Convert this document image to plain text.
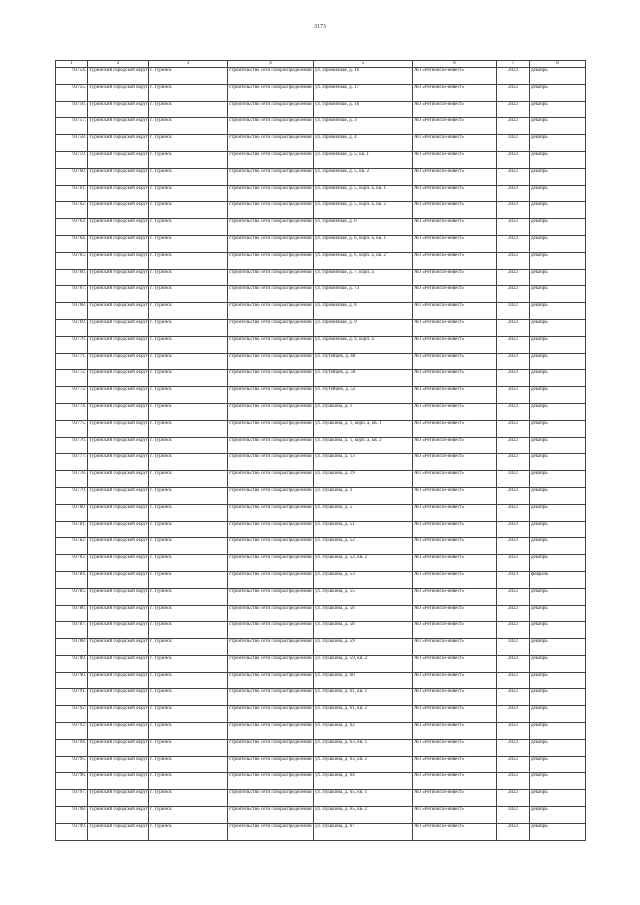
3173
1	2	3	4	5	6	7	8
93754.	Туринский городской округ	г. Туринск	строительство сети газораспределения	ул. Примичная, д. 16	АО «Регионгаз-инвест»	2022	декабрь
93755.	Туринский городской округ	г. Туринск	строительство сети газораспределения	ул. Примичная, д. 17	АО «Регионгаз-инвест»	2022	декабрь
93756.	Туринский городской округ	г. Туринск	строительство сети газораспределения	ул. Примичная, д. 18	АО «Регионгаз-инвест»	2022	декабрь
93757.	Туринский городской округ	г. Туринск	строительство сети газораспределения	ул. Примичная, д. 3	АО «Регионгаз-инвест»	2022	декабрь
93758.	Туринский городской округ	г. Туринск	строительство сети газораспределения	ул. Примичная, д. 4	АО «Регионгаз-инвест»	2022	декабрь
93759.	Туринский городской округ	г. Туринск	строительство сети газораспределения	ул. Примичная, д. 5, кв. 1	АО «Регионгаз-инвест»	2022	декабрь
93760.	Туринский городской округ	г. Туринск	строительство сети газораспределения	ул. Примичная, д. 5, кв. 2	АО «Регионгаз-инвест»	2022	декабрь
93761.	Туринский городской округ	г. Туринск	строительство сети газораспределения	ул. Примичная, д. 5, корп. а, кв. 1	АО «Регионгаз-инвест»	2022	декабрь
93762.	Туринский городской округ	г. Туринск	строительство сети газораспределения	ул. Примичная, д. 5, корп. а, кв. 2	АО «Регионгаз-инвест»	2022	декабрь
93763.	Туринский городской округ	г. Туринск	строительство сети газораспределения	ул. Примичная, д. 6	АО «Регионгаз-инвест»	2022	декабрь
93764.	Туринский городской округ	г. Туринск	строительство сети газораспределения	ул. Примичная, д. 6, корп. а, кв. 1	АО «Регионгаз-инвест»	2022	декабрь
93765.	Туринский городской округ	г. Туринск	строительство сети газораспределения	ул. Примичная, д. 6, корп. а, кв. 2	АО «Регионгаз-инвест»	2022	декабрь
93766.	Туринский городской округ	г. Туринск	строительство сети газораспределения	ул. Примичная, д. 7, корп. а	АО «Регионгаз-инвест»	2022	декабрь
93767.	Туринский городской округ	г. Туринск	строительство сети газораспределения	ул. Примичная, д. 73	АО «Регионгаз-инвест»	2022	декабрь
93768.	Туринский городской округ	г. Туринск	строительство сети газораспределения	ул. Примичная, д. 8	АО «Регионгаз-инвест»	2022	декабрь
93769.	Туринский городской округ	г. Туринск	строительство сети газораспределения	ул. Примичная, д. 9	АО «Регионгаз-инвест»	2022	декабрь
93770.	Туринский городской округ	г. Туринск	строительство сети газораспределения	ул. Примичная, д. 9, корп. а	АО «Регионгаз-инвест»	2022	декабрь
93771.	Туринский городской округ	г. Туринск	строительство сети газораспределения	ул. Путейцев, д. 48	АО «Регионгаз-инвест»	2022	декабрь
93772.	Туринский городской округ	г. Туринск	строительство сети газораспределения	ул. Путейцев, д. 50	АО «Регионгаз-инвест»	2022	декабрь
93773.	Туринский городской округ	г. Туринск	строительство сети газораспределения	ул. Путейцев, д. 52	АО «Регионгаз-инвест»	2022	декабрь
93774.	Туринский городской округ	г. Туринск	строительство сети газораспределения	ул. Пушкина, д. 1	АО «Регионгаз-инвест»	2022	декабрь
93775.	Туринский городской округ	г. Туринск	строительство сети газораспределения	ул. Пушкина, д. 1, корп. а, кв. 1	АО «Регионгаз-инвест»	2022	декабрь
93776.	Туринский городской округ	г. Туринск	строительство сети газораспределения	ул. Пушкина, д. 1, корп. а, кв. 2	АО «Регионгаз-инвест»	2022	декабрь
93777.	Туринский городской округ	г. Туринск	строительство сети газораспределения	ул. Пушкина, д. 13	АО «Регионгаз-инвест»	2022	декабрь
93778.	Туринский городской округ	г. Туринск	строительство сети газораспределения	ул. Пушкина, д. 19	АО «Регионгаз-инвест»	2022	декабрь
93779.	Туринский городской округ	г. Туринск	строительство сети газораспределения	ул. Пушкина, д. 3	АО «Регионгаз-инвест»	2022	декабрь
93780.	Туринский городской округ	г. Туринск	строительство сети газораспределения	ул. Пушкина, д. 5	АО «Регионгаз-инвест»	2022	декабрь
93781.	Туринский городской округ	г. Туринск	строительство сети газораспределения	ул. Пушкина, д. 51	АО «Регионгаз-инвест»	2022	декабрь
93782.	Туринский городской округ	г. Туринск	строительство сети газораспределения	ул. Пушкина, д. 52	АО «Регионгаз-инвест»	2022	декабрь
93783.	Туринский городской округ	г. Туринск	строительство сети газораспределения	ул. Пушкина, д. 52, кв. 2	АО «Регионгаз-инвест»	2022	декабрь
93784.	Туринский городской округ	г. Туринск	строительство сети газораспределения	ул. Пушкина, д. 53	АО «Регионгаз-инвест»	2023	февраль
93785.	Туринский городской округ	г. Туринск	строительство сети газораспределения	ул. Пушкина, д. 55	АО «Регионгаз-инвест»	2022	декабрь
93786.	Туринский городской округ	г. Туринск	строительство сети газораспределения	ул. Пушкина, д. 56	АО «Регионгаз-инвест»	2022	декабрь
93787.	Туринский городской округ	г. Туринск	строительство сети газораспределения	ул. Пушкина, д. 58	АО «Регионгаз-инвест»	2022	декабрь
93788.	Туринский городской округ	г. Туринск	строительство сети газораспределения	ул. Пушкина, д. 59	АО «Регионгаз-инвест»	2022	декабрь
93789.	Туринский городской округ	г. Туринск	строительство сети газораспределения	ул. Пушкина, д. 59, кв. 2	АО «Регионгаз-инвест»	2022	декабрь
93790.	Туринский городской округ	г. Туринск	строительство сети газораспределения	ул. Пушкина, д. 60	АО «Регионгаз-инвест»	2022	декабрь
93791.	Туринский городской округ	г. Туринск	строительство сети газораспределения	ул. Пушкина, д. 61, кв. 1	АО «Регионгаз-инвест»	2022	декабрь
93792.	Туринский городской округ	г. Туринск	строительство сети газораспределения	ул. Пушкина, д. 61, кв. 2	АО «Регионгаз-инвест»	2022	декабрь
93793.	Туринский городской округ	г. Туринск	строительство сети газораспределения	ул. Пушкина, д. 62	АО «Регионгаз-инвест»	2022	декабрь
93794.	Туринский городской округ	г. Туринск	строительство сети газораспределения	ул. Пушкина, д. 63, кв. 1	АО «Регионгаз-инвест»	2022	декабрь
93795.	Туринский городской округ	г. Туринск	строительство сети газораспределения	ул. Пушкина, д. 63, кв. 2	АО «Регионгаз-инвест»	2022	декабрь
93796.	Туринский городской округ	г. Туринск	строительство сети газораспределения	ул. Пушкина, д. 64	АО «Регионгаз-инвест»	2022	декабрь
93797.	Туринский городской округ	г. Туринск	строительство сети газораспределения	ул. Пушкина, д. 65, кв. 1	АО «Регионгаз-инвест»	2022	декабрь
93798.	Туринский городской округ	г. Туринск	строительство сети газораспределения	ул. Пушкина, д. 65, кв. 2	АО «Регионгаз-инвест»	2022	декабрь
93799.	Туринский городской округ	г. Туринск	строительство сети газораспределения	ул. Пушкина, д. 67	АО «Регионгаз-инвест»	2022	декабрь
